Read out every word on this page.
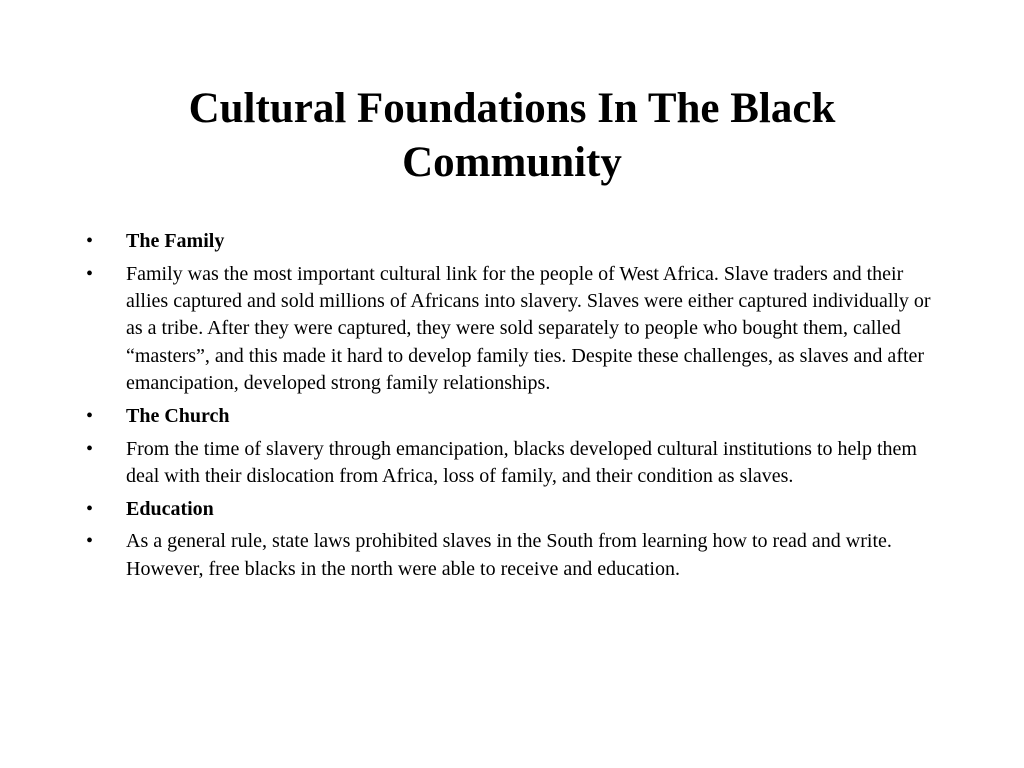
Cultural Foundations In The Black Community
•	The Family
•	Family was the most important cultural link for the people of West Africa. Slave traders and their allies captured and sold millions of Africans into slavery. Slaves were either captured individually or as a tribe. After they were captured, they were sold separately to people who bought them, called “masters”, and this made it hard to develop family ties. Despite these challenges, as slaves and after emancipation, developed strong family relationships.
•	The Church
•	From the time of slavery through emancipation, blacks developed cultural institutions to help them deal with their dislocation from Africa, loss of family, and their condition as slaves.
•	Education
•	As a general rule, state laws prohibited slaves in the South from learning how to read and write. However, free blacks in the north were able to receive and education.
